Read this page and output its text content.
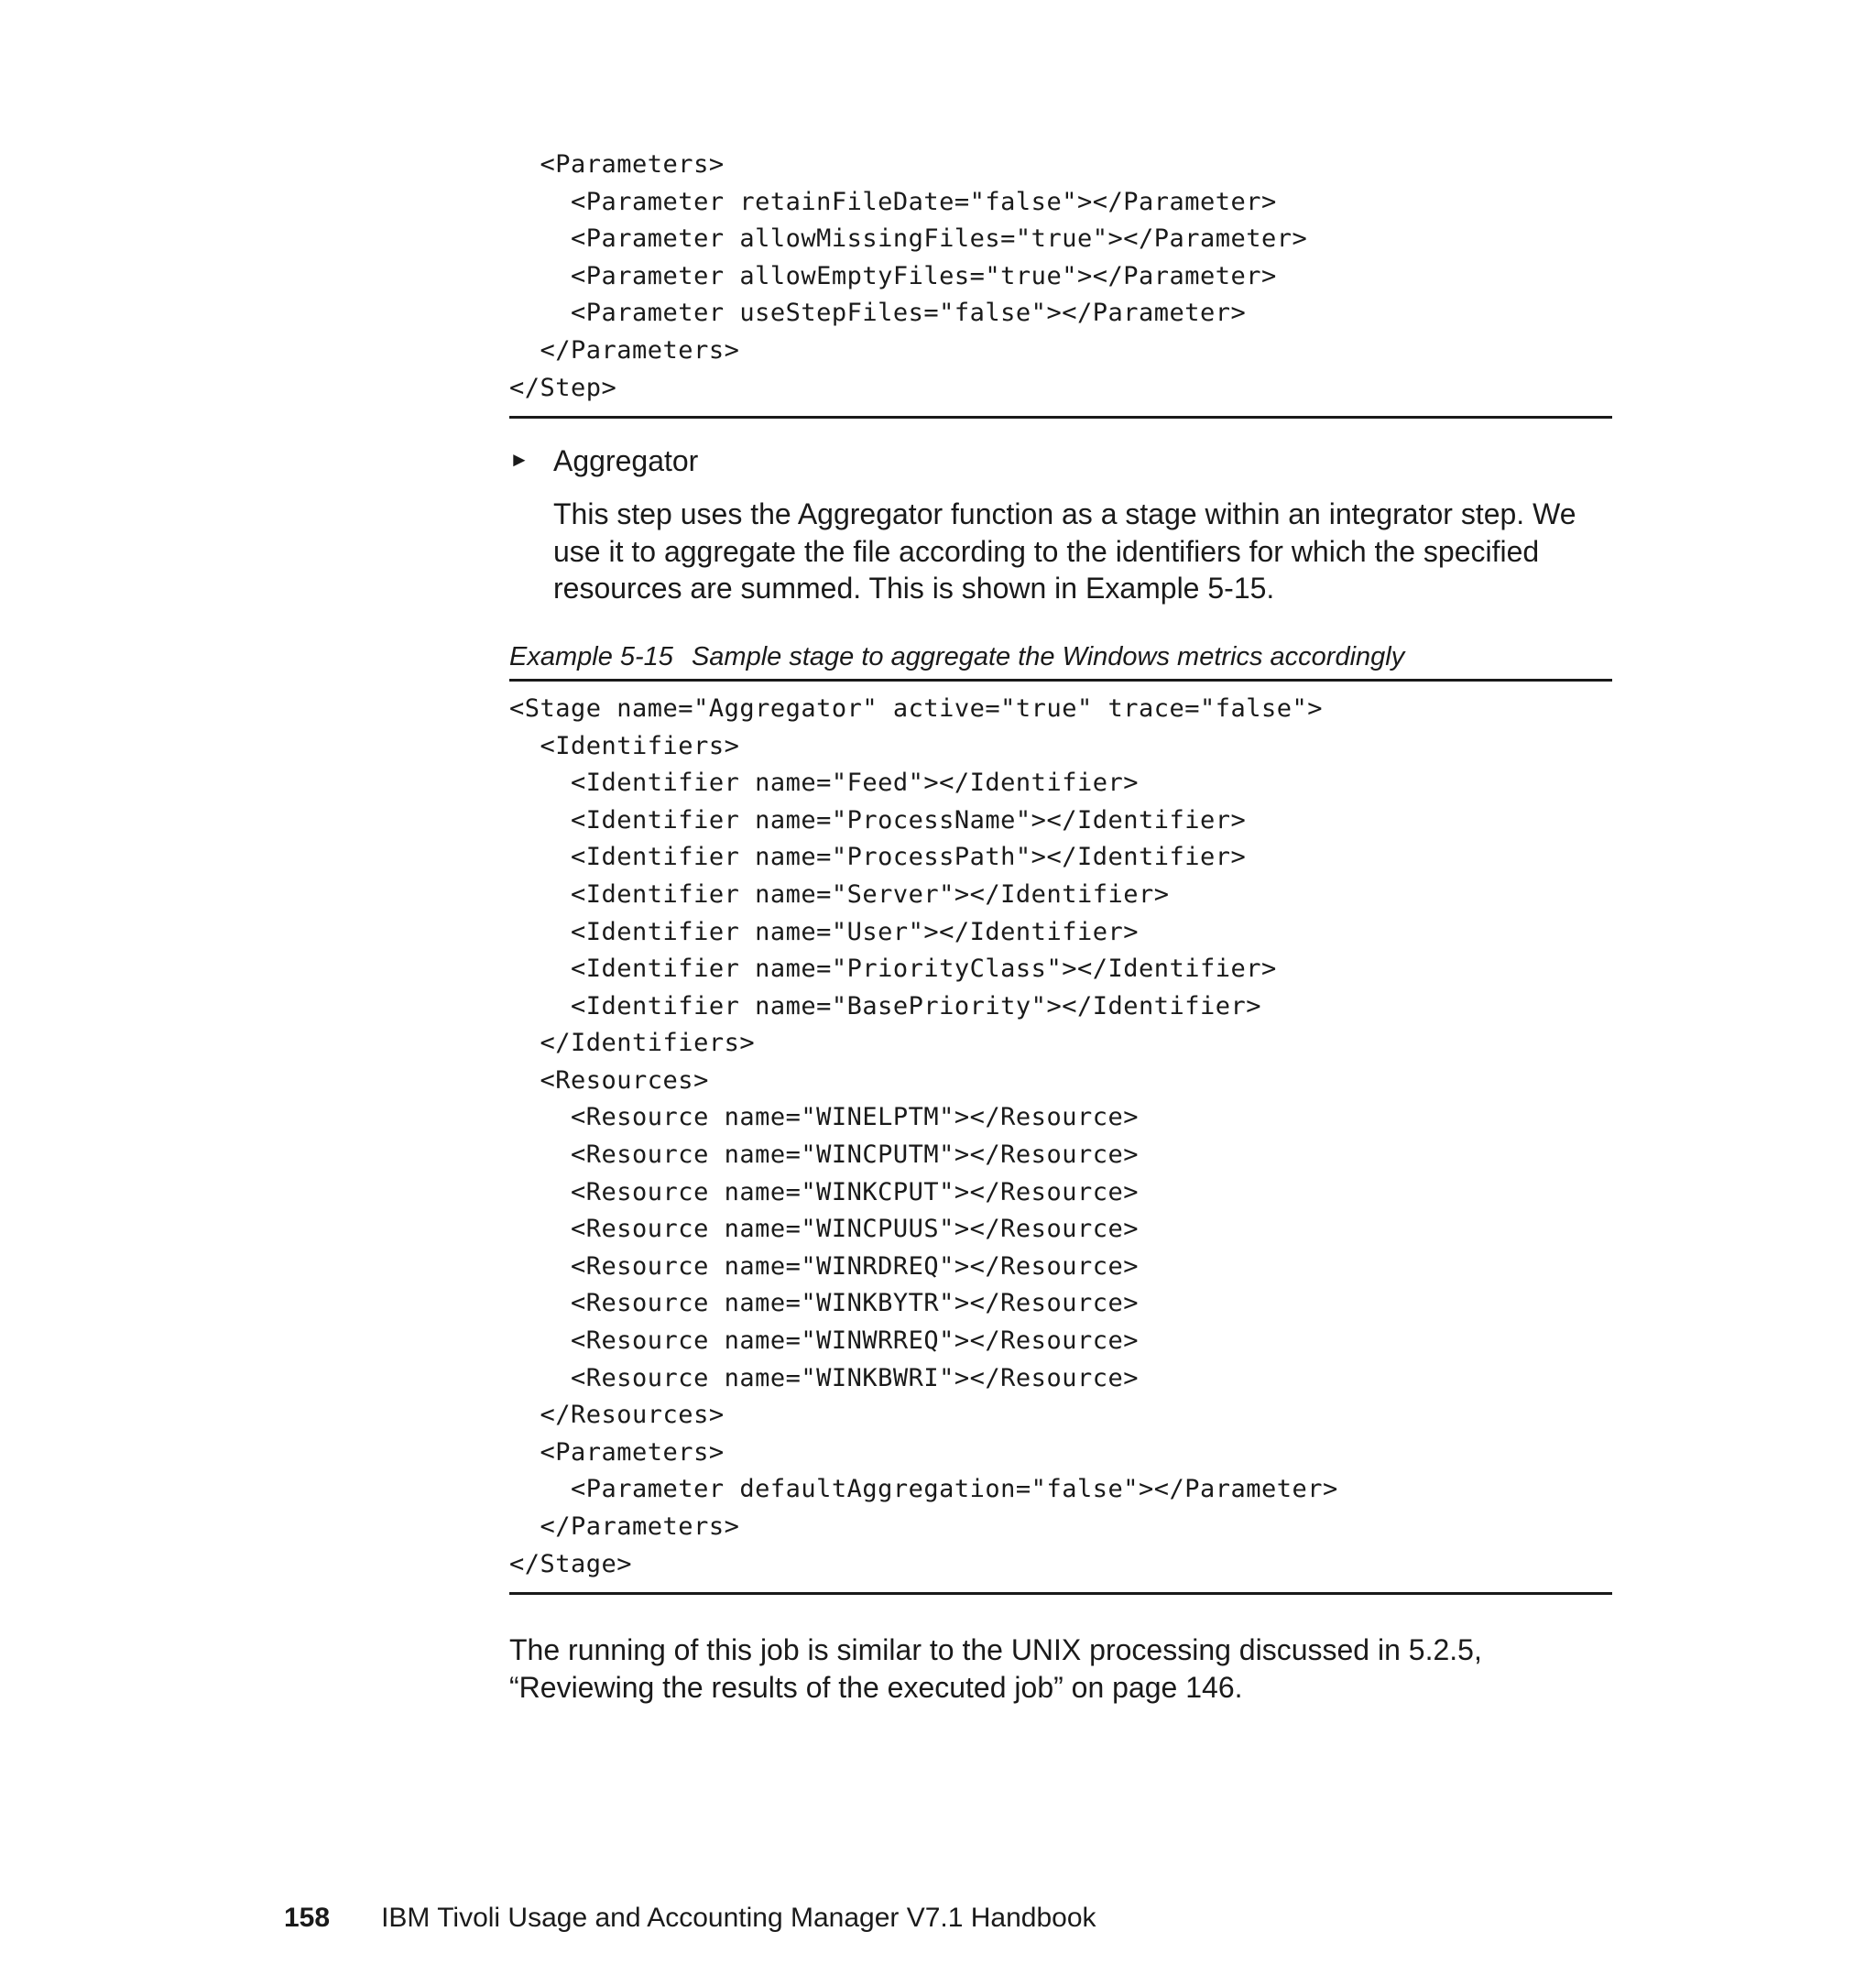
<Parameters>
<Parameter retainFileDate="false"></Parameter>
<Parameter allowMissingFiles="true"></Parameter>
<Parameter allowEmptyFiles="true"></Parameter>
<Parameter useStepFiles="false"></Parameter>
</Parameters>
</Step>
► Aggregator
This step uses the Aggregator function as a stage within an integrator step. We use it to aggregate the file according to the identifiers for which the specified resources are summed. This is shown in Example 5-15.
Example 5-15 Sample stage to aggregate the Windows metrics accordingly
<Stage name="Aggregator" active="true" trace="false">
<Identifiers>
<Identifier name="Feed"></Identifier>
<Identifier name="ProcessName"></Identifier>
<Identifier name="ProcessPath"></Identifier>
<Identifier name="Server"></Identifier>
<Identifier name="User"></Identifier>
<Identifier name="PriorityClass"></Identifier>
<Identifier name="BasePriority"></Identifier>
</Identifiers>
<Resources>
<Resource name="WINELPTM"></Resource>
<Resource name="WINCPUTM"></Resource>
<Resource name="WINKCPUT"></Resource>
<Resource name="WINCPUUS"></Resource>
<Resource name="WINRDREQ"></Resource>
<Resource name="WINKBYTR"></Resource>
<Resource name="WINWRREQ"></Resource>
<Resource name="WINKBWRI"></Resource>
</Resources>
<Parameters>
<Parameter defaultAggregation="false"></Parameter>
</Parameters>
</Stage>
The running of this job is similar to the UNIX processing discussed in 5.2.5, “Reviewing the results of the executed job” on page 146.
158 IBM Tivoli Usage and Accounting Manager V7.1 Handbook
